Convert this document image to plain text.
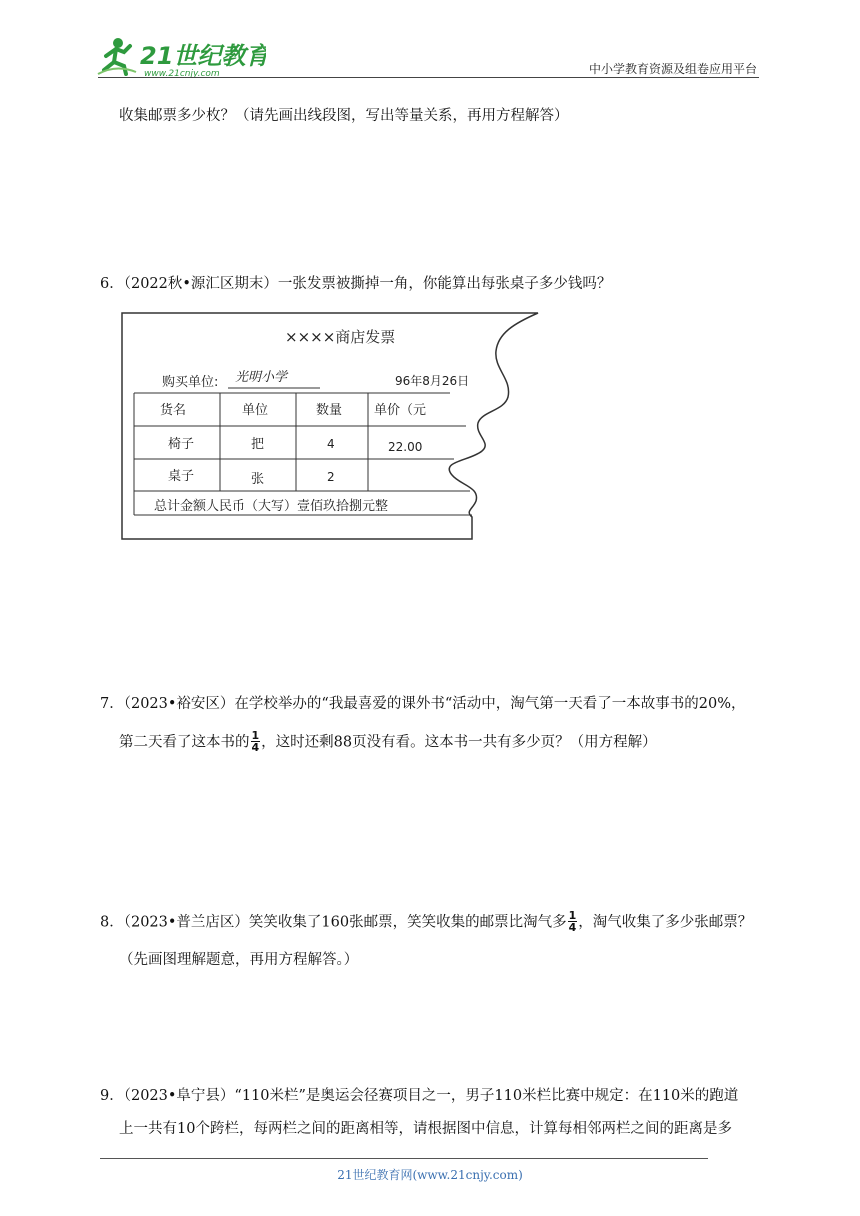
21世纪教育
www.21cnjy.com	中小学教育资源及组卷应用平台
收集邮票多少枚？（请先画出线段图，写出等量关系，再用方程解答）
6．（2022秋•源汇区期末）一张发票被撕掉一角，你能算出每张桌子多少钱吗？
××××商店发票
购买单位: 光明小学	96年8月26日
货名	单位	数量 单价（元
椅子	把	4	22.00
桌子	张	2
总计金额人民币（大写）壹佰玖拾捌元整
7．（2023•裕安区）在学校举办的“我最喜爱的课外书“活动中，淘气第一天看了一本故事书的20%，
第二天看了这本书的 $\frac{1}{4}$ ，这时还剩88页没有看。这本书一共有多少页？（用方程解）
8．（2023•普兰店区）笑笑收集了160张邮票，笑笑收集的邮票比淘气多 $\frac{1}{4}$ ，淘气收集了多少张邮票？
（先画图理解题意，再用方程解答。）
9．（2023•阜宁县）“110米栏”是奥运会径赛项目之一，男子110米栏比赛中规定：在110米的跑道
上一共有10个跨栏，每两栏之间的距离相等，请根据图中信息，计算每相邻两栏之间的距离是多
21世纪教育网(www.21cnjy.com)
